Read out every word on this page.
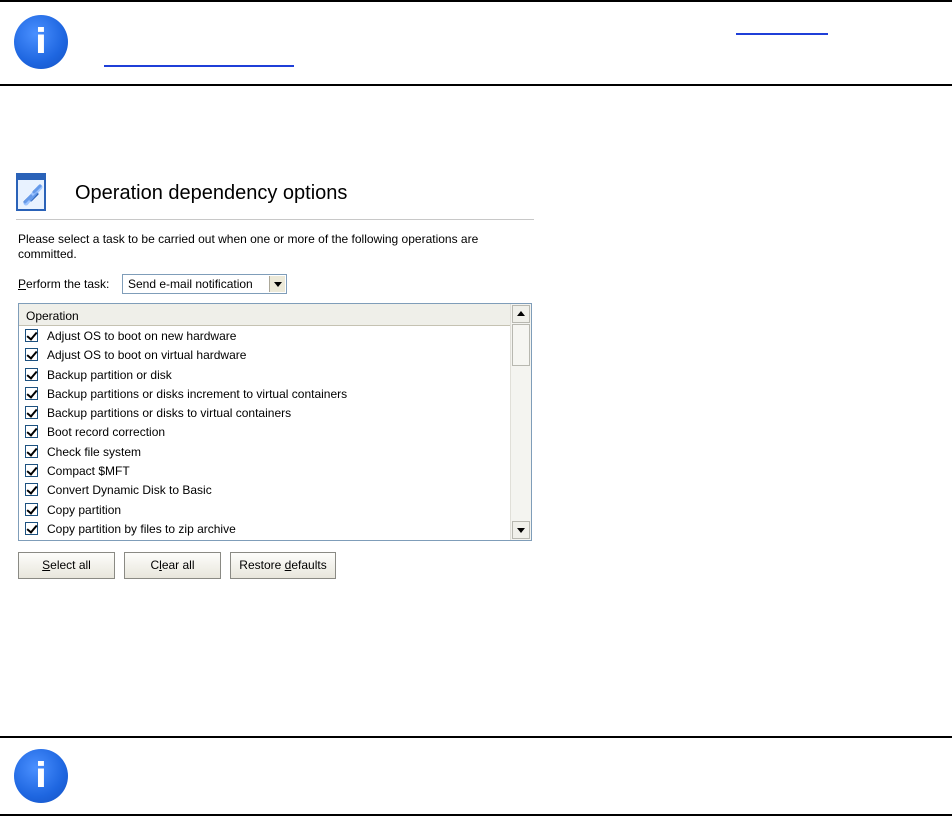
i
Operation dependency options
Please select a task to be carried out when one or more of the following operations are committed.
Perform the task: Send e-mail notification
Operation
Adjust OS to boot on new hardware
Adjust OS to boot on virtual hardware
Backup partition or disk
Backup partitions or disks increment to virtual containers
Backup partitions or disks to virtual containers
Boot record correction
Check file system
Compact $MFT
Convert Dynamic Disk to Basic
Copy partition
Copy partition by files to zip archive
Select all	Clear all	Restore defaults
i
